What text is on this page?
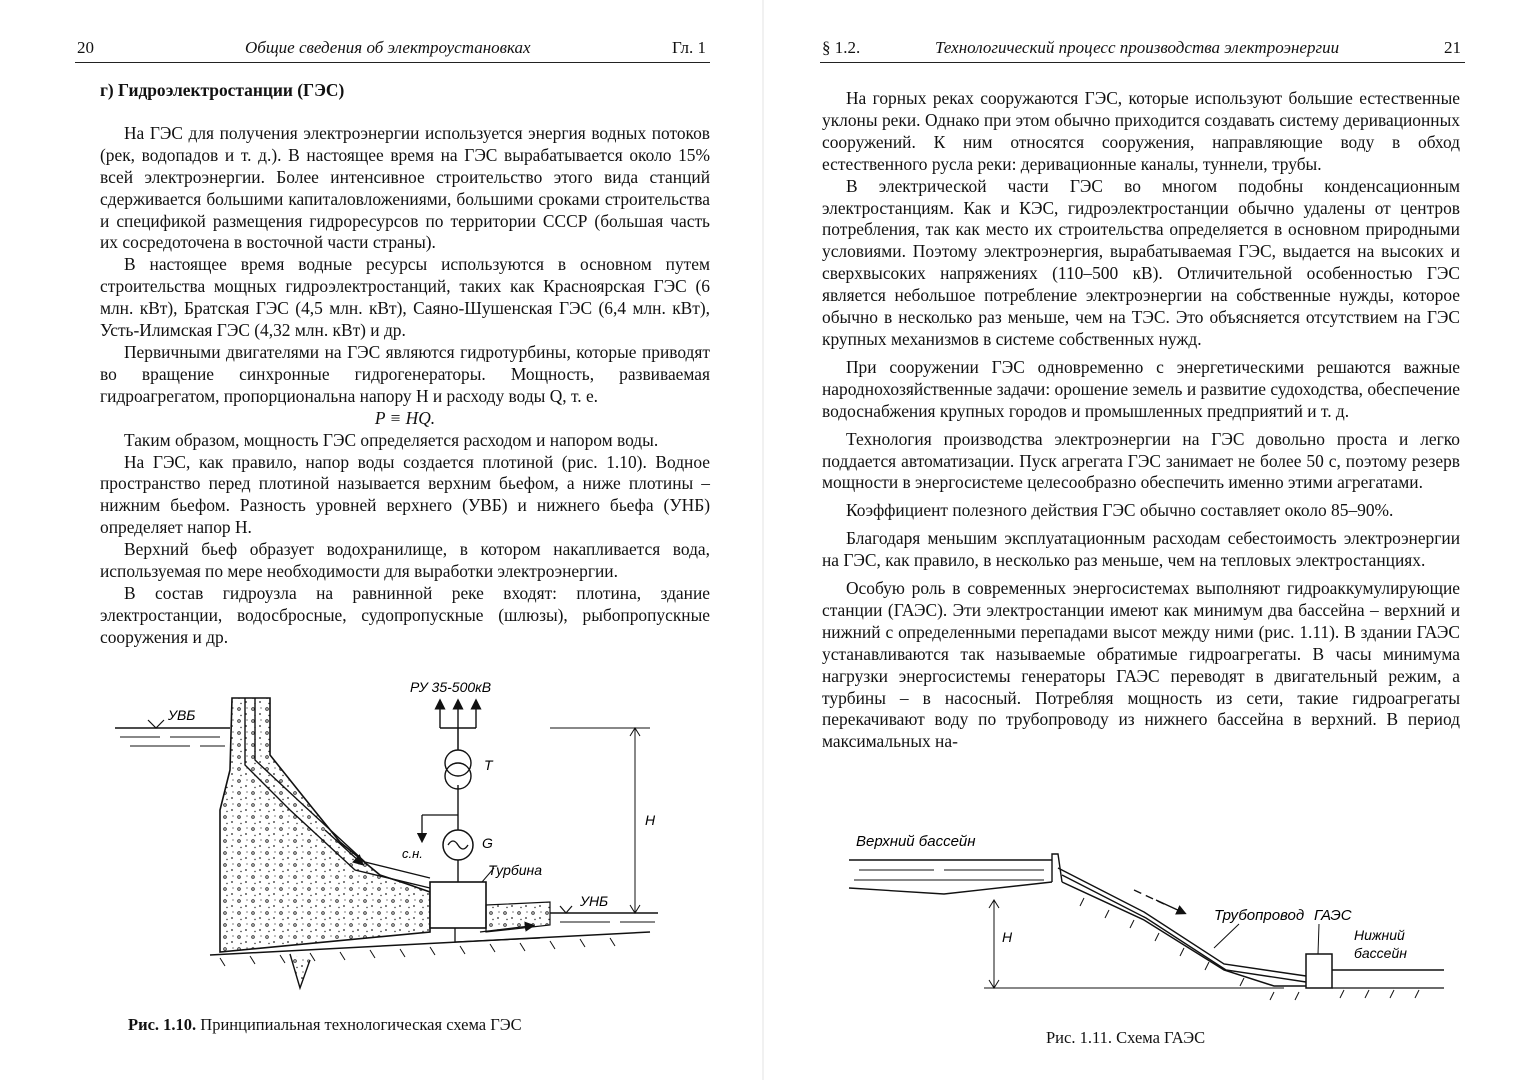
20	Общие сведения об электроустановках	Гл. 1

г) Гидроэлектростанции (ГЭС)

На ГЭС для получения электроэнергии используется энергия водных потоков (рек, водопадов и т. д.). В настоящее время на ГЭС вырабатывается около 15% всей электроэнергии. Более интенсивное строительство этого вида станций сдерживается большими капиталовложениями, большими сроками строительства и спецификой размещения гидроресурсов по территории СССР (большая часть их сосредоточена в восточной части страны).

В настоящее время водные ресурсы используются в основном путем строительства мощных гидроэлектростанций, таких как Красноярская ГЭС (6 млн. кВт), Братская ГЭС (4,5 млн. кВт), Саяно-Шушенская ГЭС (6,4 млн. кВт), Усть-Илимская ГЭС (4,32 млн. кВт) и др.

Первичными двигателями на ГЭС являются гидротурбины, которые приводят во вращение синхронные гидрогенераторы. Мощность, развиваемая гидроагрегатом, пропорциональна напору H и расходу воды Q, т. е.

P ≡ HQ.

Таким образом, мощность ГЭС определяется расходом и напором воды.

На ГЭС, как правило, напор воды создается плотиной (рис. 1.10). Водное пространство перед плотиной называется верхним бьефом, а ниже плотины – нижним бьефом. Разность уровней верхнего (УВБ) и нижнего бьефа (УНБ) определяет напор H.

Верхний бьеф образует водохранилище, в котором накапливается вода, используемая по мере необходимости для выработки электроэнергии.

В состав гидроузла на равнинной реке входят: плотина, здание электростанции, водосбросные, судопропускные (шлюзы), рыбопропускные сооружения и др.

УВБ
УНБ
Турбина
G
с.н.
T
РУ 35-500кВ
H
Рис. 1.10. Принципиальная технологическая схема ГЭС
§ 1.2.	Технологический процесс производства электроэнергии	21

На горных реках сооружаются ГЭС, которые используют большие естественные уклоны реки. Однако при этом обычно приходится создавать систему деривационных сооружений. К ним относятся сооружения, направляющие воду в обход естественного русла реки: деривационные каналы, туннели, трубы.

В электрической части ГЭС во многом подобны конденсационным электростанциям. Как и КЭС, гидроэлектростанции обычно удалены от центров потребления, так как место их строительства определяется в основном природными условиями. Поэтому электроэнергия, вырабатываемая ГЭС, выдается на высоких и сверхвысоких напряжениях (110–500 кВ). Отличительной особенностью ГЭС является небольшое потребление электроэнергии на собственные нужды, которое обычно в несколько раз меньше, чем на ТЭС. Это объясняется отсутствием на ГЭС крупных механизмов в системе собственных нужд.

При сооружении ГЭС одновременно с энергетическими решаются важные народнохозяйственные задачи: орошение земель и развитие судоходства, обеспечение водоснабжения крупных городов и промышленных предприятий и т. д.

Технология производства электроэнергии на ГЭС довольно проста и легко поддается автоматизации. Пуск агрегата ГЭС занимает не более 50 с, поэтому резерв мощности в энергосистеме целесообразно обеспечить именно этими агрегатами.

Коэффициент полезного действия ГЭС обычно составляет около 85–90%.

Благодаря меньшим эксплуатационным расходам себестоимость электроэнергии на ГЭС, как правило, в несколько раз меньше, чем на тепловых электростанциях.

Особую роль в современных энергосистемах выполняют гидроаккумулирующие станции (ГАЭС). Эти электростанции имеют как минимум два бассейна – верхний и нижний с определенными перепадами высот между ними (рис. 1.11). В здании ГАЭС устанавливаются так называемые обратимые гидроагрегаты. В часы минимума нагрузки энергосистемы генераторы ГАЭС переводят в двигательный режим, а турбины – в насосный. Потребляя мощность из сети, такие гидроагрегаты перекачивают воду по трубопроводу из нижнего бассейна в верхний. В период максимальных на-

Верхний бассейн
Трубопровод ГАЭС
Нижний
бассейн
H
Рис. 1.11. Схема ГАЭС
